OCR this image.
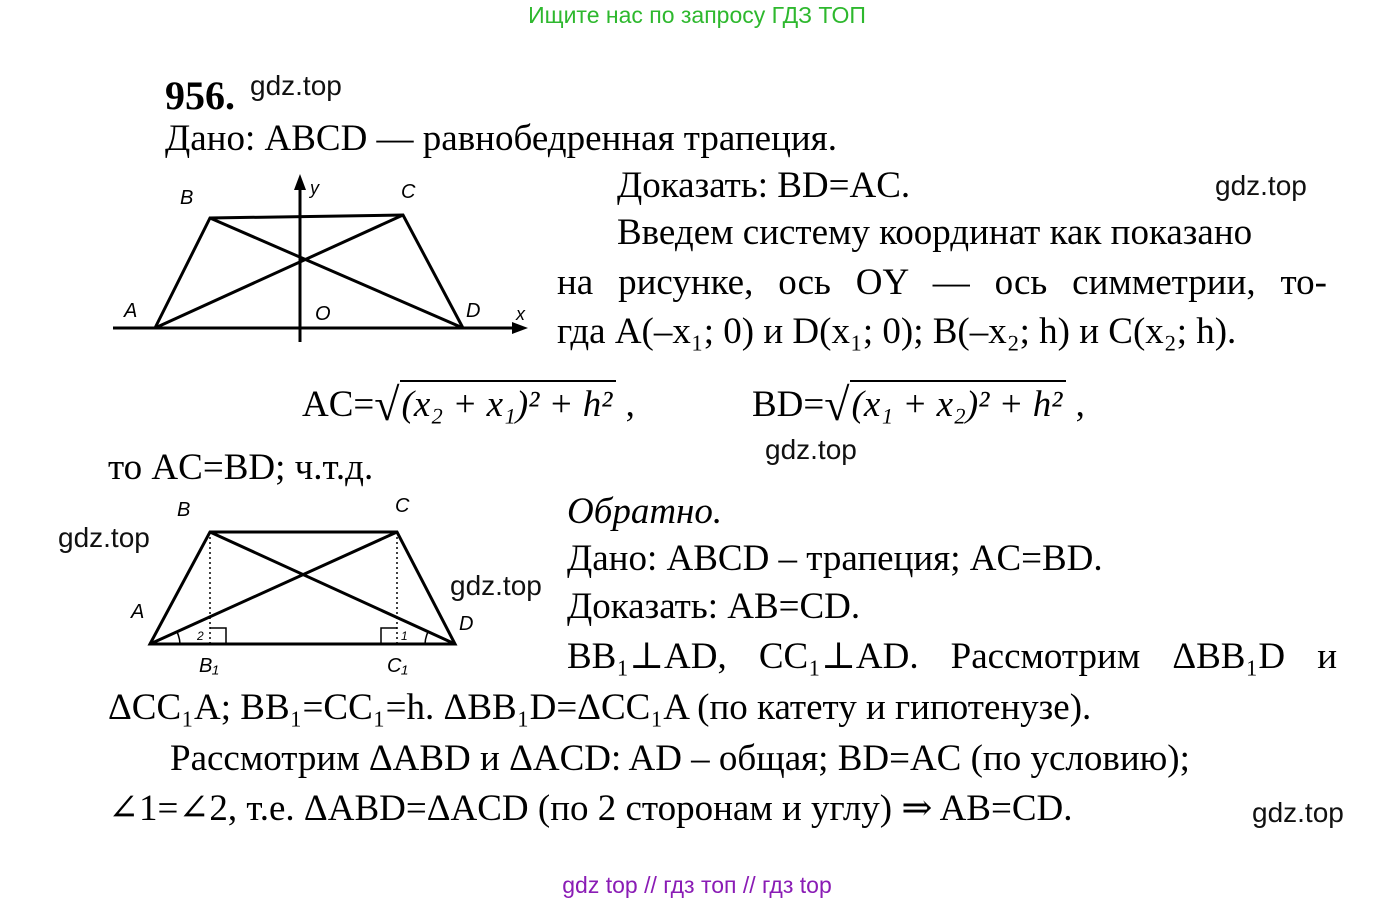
Ищите нас по запросу ГДЗ ТОП
956. gdz.top
Дано: ABCD — равнобедренная трапеция.
B	C
A	O	D x
y	Доказать: BD=AC.	gdz.top
Введем систему координат как показано
на рисунке, ось OY — ось симметрии, то-
гда A(–x₁; 0) и D(x₁; 0); B(–x₂; h) и C(x₂; h).
AC=√(x₂ + x₁)² + h² ,	BD=√(x₁ + x₂)² + h² ,
gdz.top
то AC=BD; ч.т.д.
B	C
A
D
B₁	C₁
2	1
gdz.top
gdz.top
Обратно.
Дано: ABCD – трапеция; AC=BD.
Доказать: AB=CD.
BB₁⊥AD, CC₁⊥AD. Рассмотрим ΔBB₁D и
ΔCC₁A; BB₁=CC₁=h. ΔBB₁D=ΔCC₁A (по катету и гипотенузе).
Рассмотрим ΔABD и ΔACD: AD – общая; BD=AC (по условию);
∠1=∠2, т.е. ΔABD=ΔACD (по 2 сторонам и углу) ⇒ AB=CD.	gdz.top
gdz top // гдз топ // гдз top
